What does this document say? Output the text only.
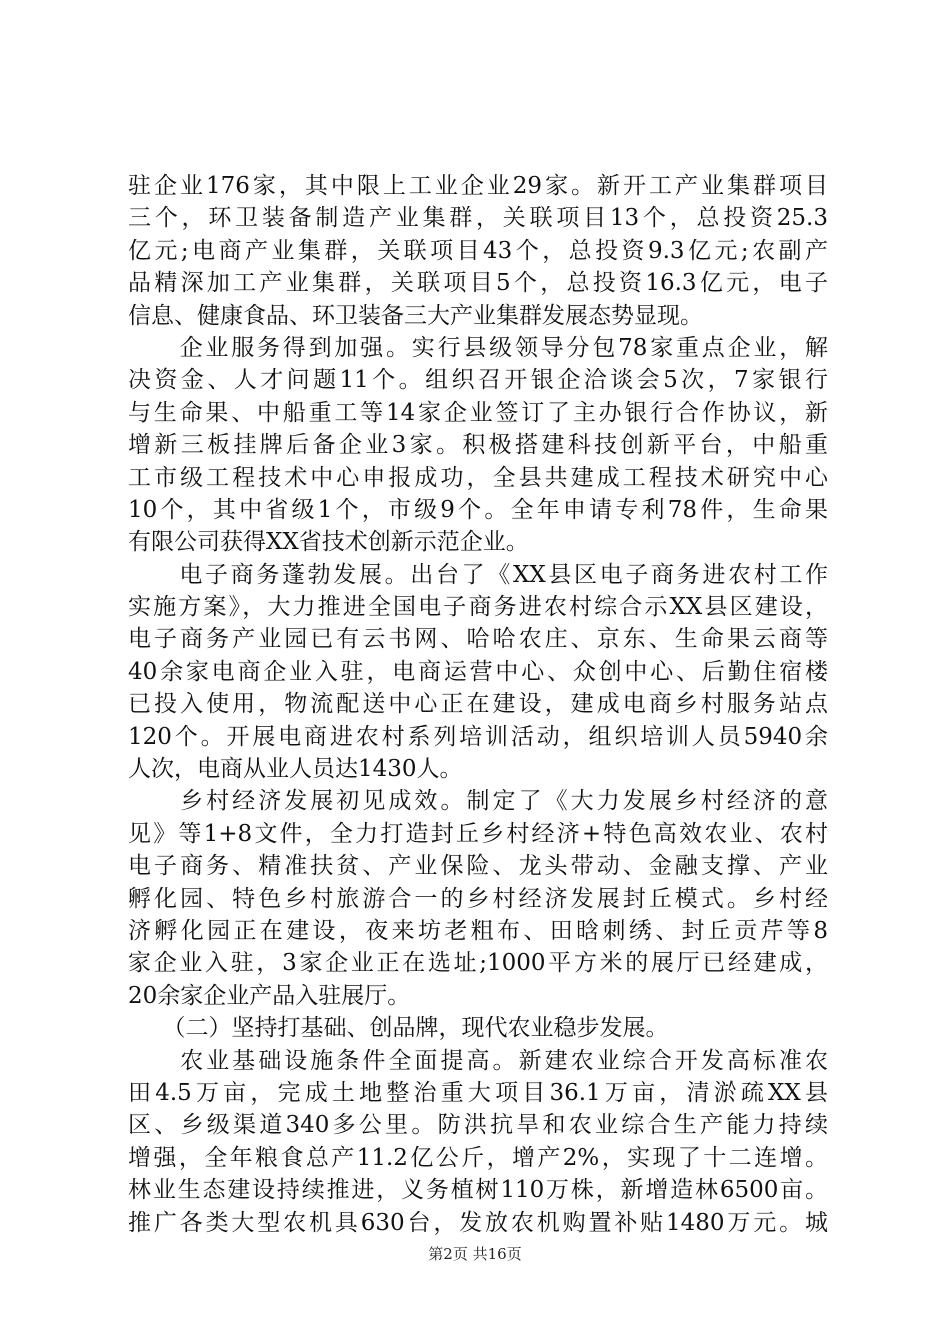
驻企业176家，其中限上工业企业29家。新开工产业集群项目
三个，环卫装备制造产业集群，关联项目13个，总投资25.3
亿元;电商产业集群，关联项目43个，总投资9.3亿元;农副产
品精深加工产业集群，关联项目5个，总投资16.3亿元，电子
信息、健康食品、环卫装备三大产业集群发展态势显现。
　　企业服务得到加强。实行县级领导分包78家重点企业，解
决资金、人才问题11个。组织召开银企洽谈会5次，7家银行
与生命果、中船重工等14家企业签订了主办银行合作协议，新
增新三板挂牌后备企业3家。积极搭建科技创新平台，中船重
工市级工程技术中心申报成功，全县共建成工程技术研究中心
10个，其中省级1个，市级9个。全年申请专利78件，生命果
有限公司获得XX省技术创新示范企业。
　　电子商务蓬勃发展。出台了《XX县区电子商务进农村工作
实施方案》，大力推进全国电子商务进农村综合示XX县区建设，
电子商务产业园已有云书网、哈哈农庄、京东、生命果云商等
40余家电商企业入驻，电商运营中心、众创中心、后勤住宿楼
已投入使用，物流配送中心正在建设，建成电商乡村服务站点
120个。开展电商进农村系列培训活动，组织培训人员5940余
人次，电商从业人员达1430人。
　　乡村经济发展初见成效。制定了《大力发展乡村经济的意
见》等1+8文件，全力打造封丘乡村经济+特色高效农业、农村
电子商务、精准扶贫、产业保险、龙头带动、金融支撑、产业
孵化园、特色乡村旅游合一的乡村经济发展封丘模式。乡村经
济孵化园正在建设，夜来坊老粗布、田晗刺绣、封丘贡芹等8
家企业入驻，3家企业正在选址;1000平方米的展厅已经建成，
20余家企业产品入驻展厅。
　　（二）坚持打基础、创品牌，现代农业稳步发展。
　　农业基础设施条件全面提高。新建农业综合开发高标准农
田4.5万亩，完成土地整治重大项目36.1万亩，清淤疏XX县
区、乡级渠道340多公里。防洪抗旱和农业综合生产能力持续
增强，全年粮食总产11.2亿公斤，增产2%，实现了十二连增。
林业生态建设持续推进，义务植树110万株，新增造林6500亩。
推广各类大型农机具630台，发放农机购置补贴1480万元。城
第2页 共16页
